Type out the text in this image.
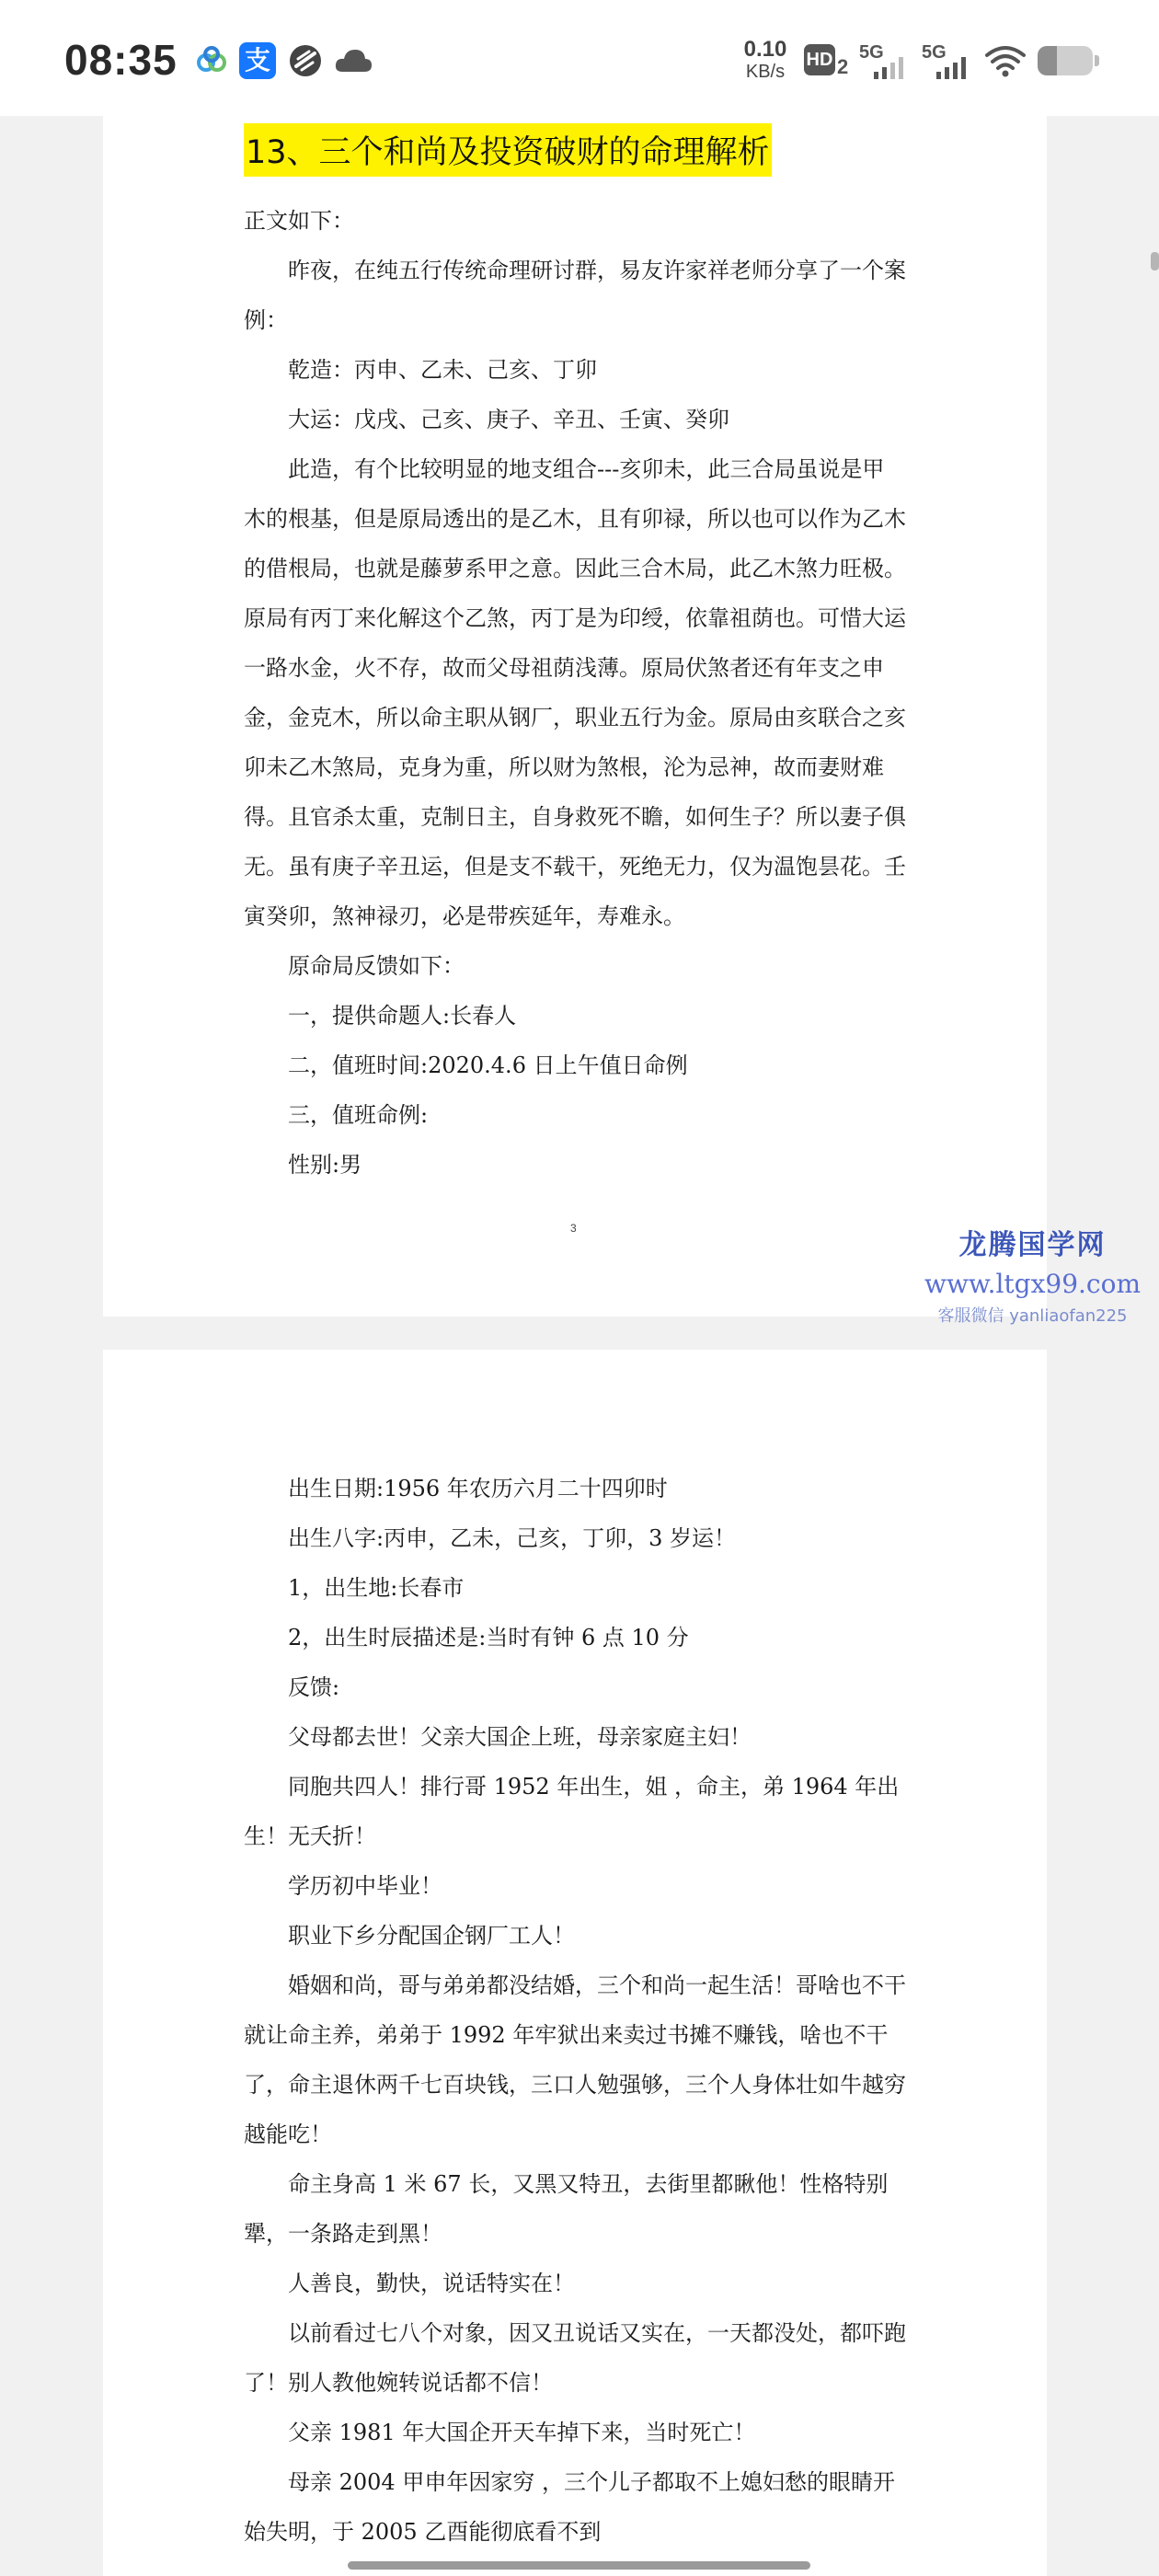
08:35	支	0.10
KB/s
HD 2
5G 5G
13、三个和尚及投资破财的命理解析

正文如下：

昨夜，在纯五行传统命理研讨群，易友许家祥老师分享了一个案例：

乾造：丙申、乙未、己亥、丁卯

大运：戊戌、己亥、庚子、辛丑、壬寅、癸卯

此造，有个比较明显的地支组合---亥卯未，此三合局虽说是甲木的根基，但是原局透出的是乙木，且有卯禄，所以也可以作为乙木的借根局，也就是藤萝系甲之意。因此三合木局，此乙木煞力旺极。原局有丙丁来化解这个乙煞，丙丁是为印绶，依靠祖荫也。可惜大运一路水金，火不存，故而父母祖荫浅薄。原局伏煞者还有年支之申金，金克木，所以命主职从钢厂，职业五行为金。原局由亥联合之亥卯未乙木煞局，克身为重，所以财为煞根，沦为忌神，故而妻财难得。且官杀太重，克制日主，自身救死不瞻，如何生子？所以妻子俱无。虽有庚子辛丑运，但是支不载干，死绝无力，仅为温饱昙花。壬寅癸卯，煞神禄刃，必是带疾延年，寿难永。

原命局反馈如下：

一，提供命题人:长春人

二，值班时间:2020.4.6 日上午值日命例

三，值班命例:

性别:男

3
龙腾国学网
www.ltgx99.com
客服微信 yanliaofan225

出生日期:1956 年农历六月二十四卯时

出生八字:丙申，乙未，己亥，丁卯，3 岁运！

1，出生地:长春市

2，出生时辰描述是:当时有钟 6 点 10 分

反馈:

父母都去世！父亲大国企上班，母亲家庭主妇！

同胞共四人！排行哥 1952 年出生，姐 ，命主，弟 1964 年出生！无夭折！

学历初中毕业！

职业下乡分配国企钢厂工人！

婚姻和尚，哥与弟弟都没结婚，三个和尚一起生活！哥啥也不干就让命主养，弟弟于 1992 年牢狱出来卖过书摊不赚钱，啥也不干了，命主退休两千七百块钱，三口人勉强够，三个人身体壮如牛越穷越能吃！

命主身高 1 米 67 长，又黑又特丑，去街里都瞅他！性格特别犟，一条路走到黑！

人善良，勤快，说话特实在！

以前看过七八个对象，因又丑说话又实在，一天都没处，都吓跑了！别人教他婉转说话都不信！

父亲 1981 年大国企开天车掉下来，当时死亡！

母亲 2004 甲申年因家穷 ，三个儿子都取不上媳妇愁的眼睛开始失明，于 2005 乙酉能彻底看不到
